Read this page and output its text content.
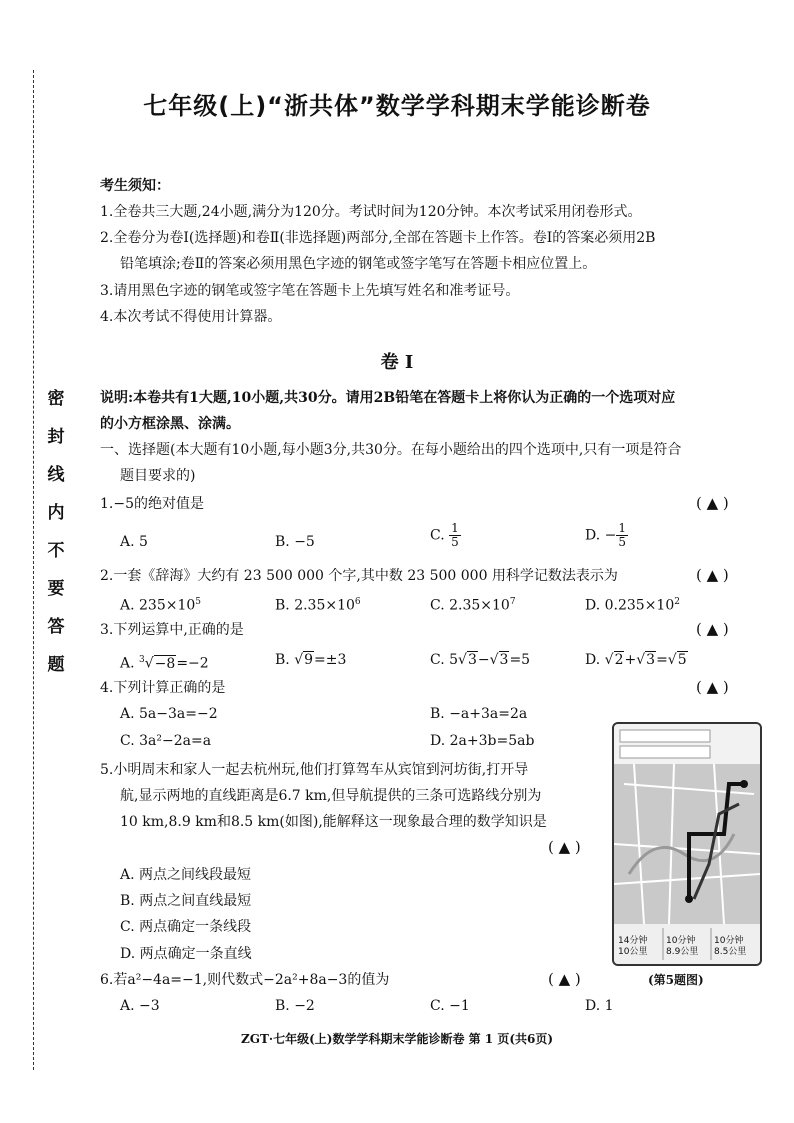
密
封
线
内
不
要
答
题
七年级(上)“浙共体”数学学科期末学能诊断卷
考生须知：
1.全卷共三大题,24小题,满分为120分。考试时间为120分钟。本次考试采用闭卷形式。
2.全卷分为卷Ⅰ(选择题)和卷Ⅱ(非选择题)两部分,全部在答题卡上作答。卷Ⅰ的答案必须用2B
铅笔填涂;卷Ⅱ的答案必须用黑色字迹的钢笔或签字笔写在答题卡相应位置上。
3.请用黑色字迹的钢笔或签字笔在答题卡上先填写姓名和准考证号。
4.本次考试不得使用计算器。
卷 Ⅰ
说明:本卷共有1大题,10小题,共30分。请用2B铅笔在答题卡上将你认为正确的一个选项对应
的小方框涂黑、涂满。
一、选择题(本大题有10小题,每小题3分,共30分。在每小题给出的四个选项中,只有一项是符合
题目要求的)
1.−5的绝对值是	( ▲ )
A. 5	B. −5	C. $\frac{1}{5}$	D. − $\frac{1}{5}$
2.一套《辞海》大约有 23 500 000 个字,其中数 23 500 000 用科学记数法表示为	( ▲ )
A. $235\times 10^5$	B. $2.35\times 10^6$	C. $2.35\times 10^7$	D. $0.235\times 10^2$
3.下列运算中,正确的是	( ▲ )
A. $^3$√−8=−2	B. √9=±3	C. 5√3−√3=5	D. √2+√3=√5
4.下列计算正确的是	( ▲ )
A. 5a−3a=−2	B. −a+3a=2a
C. 3a²−2a=a	D. 2a+3b=5ab
5.小明周末和家人一起去杭州玩,他们打算驾车从宾馆到河坊街,打开导
航,显示两地的直线距离是6.7 km,但导航提供的三条可选路线分别为
10 km,8.9 km和8.5 km(如图),能解释这一现象最合理的数学知识是
( ▲ )
A. 两点之间线段最短
B. 两点之间直线最短
C. 两点确定一条线段
D. 两点确定一条直线
14分钟
10公里
10分钟
8.9公里
10分钟
8.5公里
(第5题图)
6.若a²−4a=−1,则代数式−2a²+8a−3的值为	( ▲ )
A. −3	B. −2	C. −1	D. 1
ZGT·七年级(上)数学学科期末学能诊断卷 第 1 页(共6页)
